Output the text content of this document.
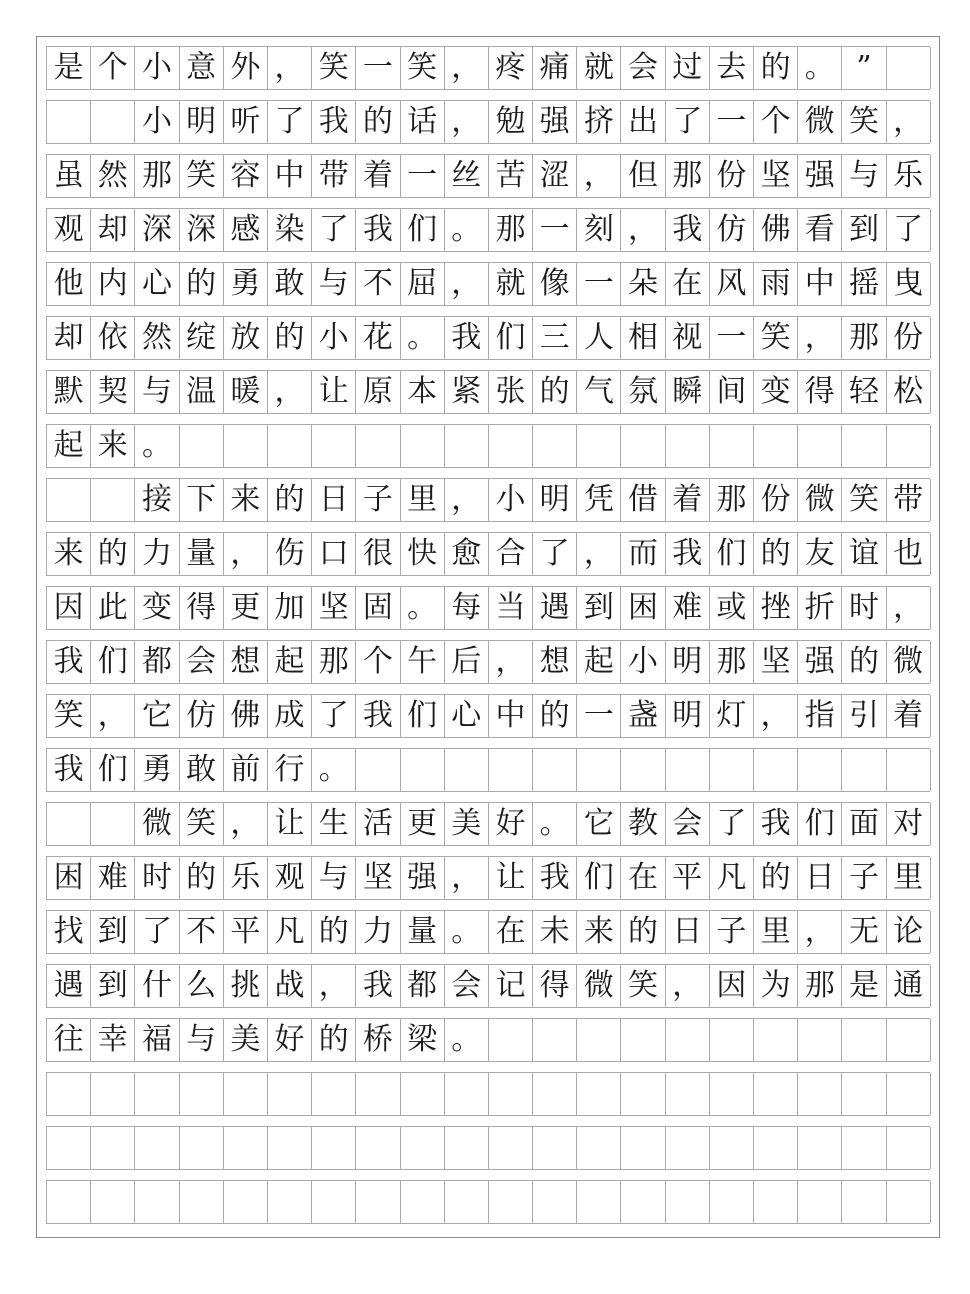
是 个 小 意 外 ， 笑 一 笑 ， 疼 痛 就 会 过 去 的 。 ”
小 明 听 了 我 的 话 ， 勉 强 挤 出 了 一 个 微 笑 ，
虽 然 那 笑 容 中 带 着 一 丝 苦 涩 ， 但 那 份 坚 强 与 乐
观 却 深 深 感 染 了 我 们 。 那 一 刻 ， 我 仿 佛 看 到 了
他 内 心 的 勇 敢 与 不 屈 ， 就 像 一 朵 在 风 雨 中 摇 曳
却 依 然 绽 放 的 小 花 。 我 们 三 人 相 视 一 笑 ， 那 份
默 契 与 温 暖 ， 让 原 本 紧 张 的 气 氛 瞬 间 变 得 轻 松
起 来 。
接 下 来 的 日 子 里 ， 小 明 凭 借 着 那 份 微 笑 带
来 的 力 量 ， 伤 口 很 快 愈 合 了 ， 而 我 们 的 友 谊 也
因 此 变 得 更 加 坚 固 。 每 当 遇 到 困 难 或 挫 折 时 ，
我 们 都 会 想 起 那 个 午 后 ， 想 起 小 明 那 坚 强 的 微
笑 ， 它 仿 佛 成 了 我 们 心 中 的 一 盏 明 灯 ， 指 引 着
我 们 勇 敢 前 行 。
微 笑 ， 让 生 活 更 美 好 。 它 教 会 了 我 们 面 对
困 难 时 的 乐 观 与 坚 强 ， 让 我 们 在 平 凡 的 日 子 里
找 到 了 不 平 凡 的 力 量 。 在 未 来 的 日 子 里 ， 无 论
遇 到 什 么 挑 战 ， 我 都 会 记 得 微 笑 ， 因 为 那 是 通
往 幸 福 与 美 好 的 桥 梁 。
